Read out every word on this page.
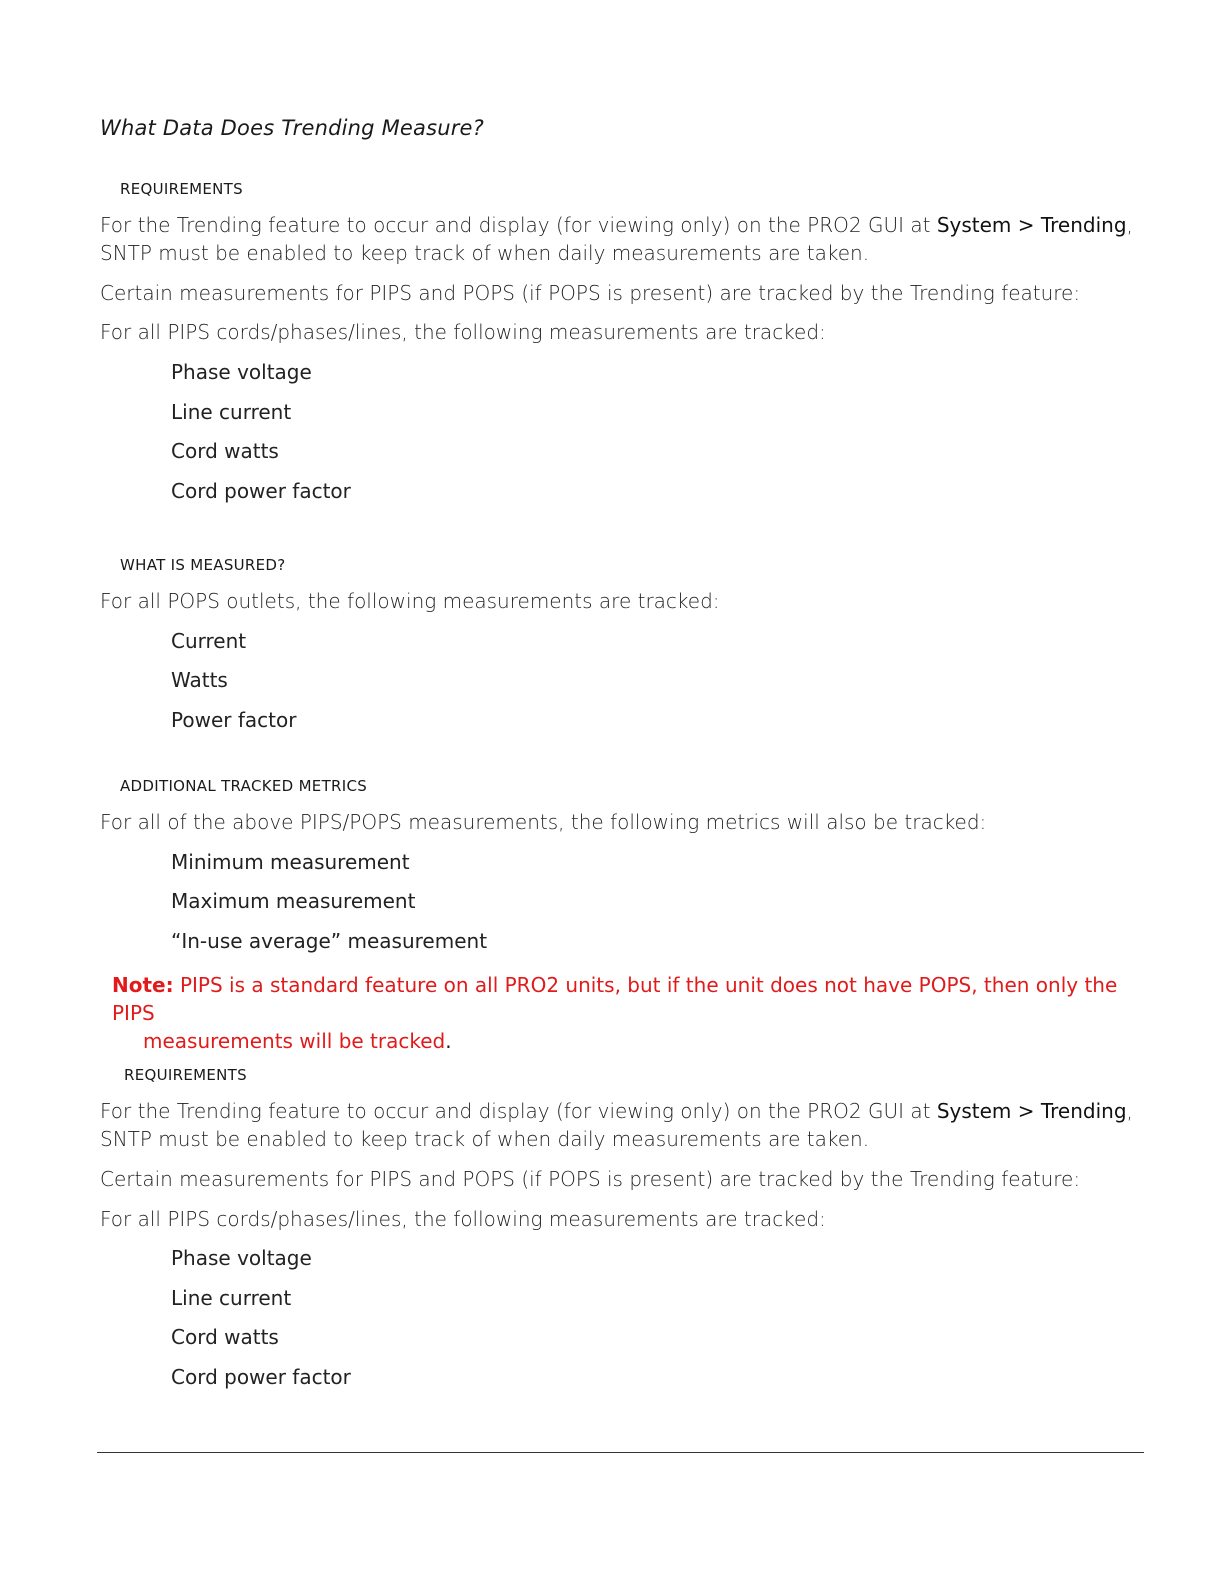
What Data Does Trending Measure?
REQUIREMENTS
For the Trending feature to occur and display (for viewing only) on the PRO2 GUI at System > Trending,
SNTP must be enabled to keep track of when daily measurements are taken.
Certain measurements for PIPS and POPS (if POPS is present) are tracked by the Trending feature:
For all PIPS cords/phases/lines, the following measurements are tracked:
Phase voltage
Line current
Cord watts
Cord power factor
WHAT IS MEASURED?
For all POPS outlets, the following measurements are tracked:
Current
Watts
Power factor
ADDITIONAL TRACKED METRICS
For all of the above PIPS/POPS measurements, the following metrics will also be tracked:
Minimum measurement
Maximum measurement
“In-use average” measurement
Note: PIPS is a standard feature on all PRO2 units, but if the unit does not have POPS, then only the PIPS
measurements will be tracked.
REQUIREMENTS
For the Trending feature to occur and display (for viewing only) on the PRO2 GUI at System > Trending,
SNTP must be enabled to keep track of when daily measurements are taken.
Certain measurements for PIPS and POPS (if POPS is present) are tracked by the Trending feature:
For all PIPS cords/phases/lines, the following measurements are tracked:
Phase voltage
Line current
Cord watts
Cord power factor
